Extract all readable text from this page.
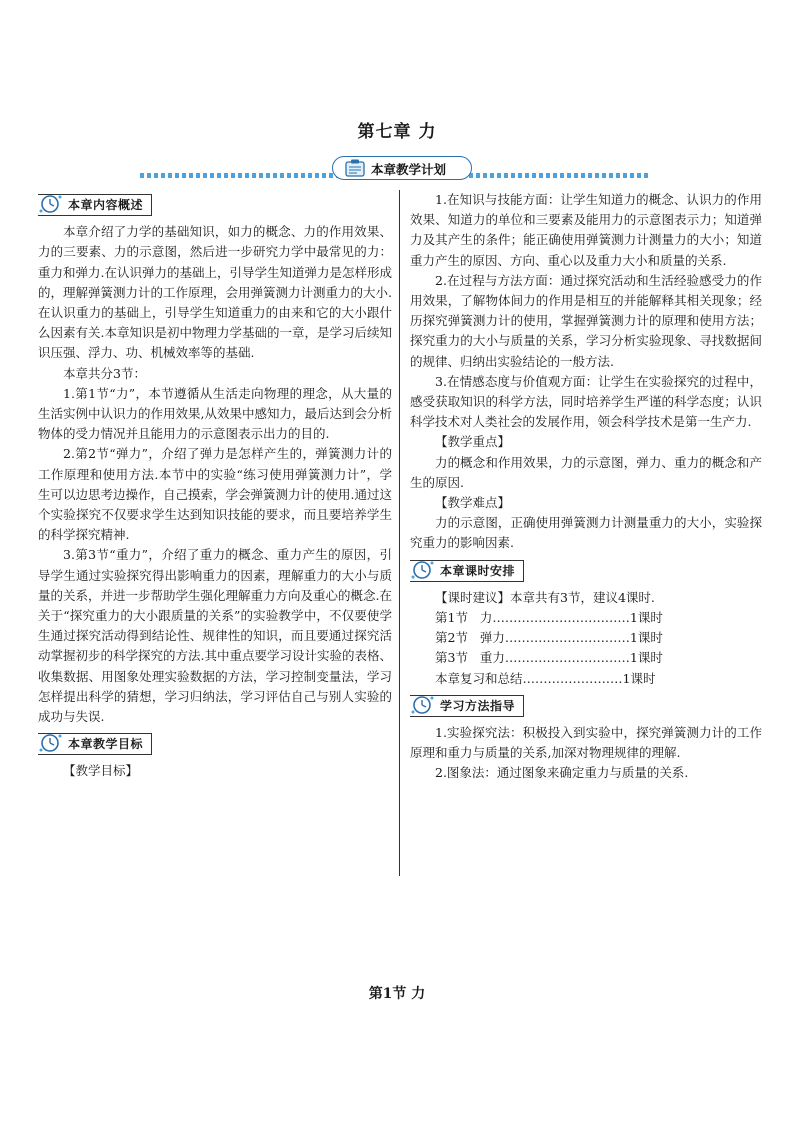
第七章 力
本章教学计划
本章内容概述

本章介绍了力学的基础知识，如力的概念、力的作用效果、力的三要素、力的示意图，然后进一步研究力学中最常见的力：重力和弹力.在认识弹力的基础上，引导学生知道弹力是怎样形成的，理解弹簧测力计的工作原理，会用弹簧测力计测重力的大小.在认识重力的基础上，引导学生知道重力的由来和它的大小跟什么因素有关.本章知识是初中物理力学基础的一章，是学习后续知识压强、浮力、功、机械效率等的基础.

本章共分3节：

1.第1节“力”，本节遵循从生活走向物理的理念，从大量的生活实例中认识力的作用效果,从效果中感知力，最后达到会分析物体的受力情况并且能用力的示意图表示出力的目的.

2.第2节“弹力”，介绍了弹力是怎样产生的，弹簧测力计的工作原理和使用方法.本节中的实验“练习使用弹簧测力计”，学生可以边思考边操作，自己摸索，学会弹簧测力计的使用.通过这个实验探究不仅要求学生达到知识技能的要求，而且要培养学生的科学探究精神.

3.第3节“重力”，介绍了重力的概念、重力产生的原因，引导学生通过实验探究得出影响重力的因素，理解重力的大小与质量的关系，并进一步帮助学生强化理解重力方向及重心的概念.在关于“探究重力的大小跟质量的关系”的实验教学中，不仅要使学生通过探究活动得到结论性、规律性的知识，而且要通过探究活动掌握初步的科学探究的方法.其中重点要学习设计实验的表格、收集数据、用图象处理实验数据的方法，学习控制变量法，学习怎样提出科学的猜想，学习归纳法，学习评估自己与别人实验的成功与失误.

本章教学目标

【教学目标】

1.在知识与技能方面：让学生知道力的概念、认识力的作用效果、知道力的单位和三要素及能用力的示意图表示力；知道弹力及其产生的条件；能正确使用弹簧测力计测量力的大小；知道重力产生的原因、方向、重心以及重力大小和质量的关系.

2.在过程与方法方面：通过探究活动和生活经验感受力的作用效果，了解物体间力的作用是相互的并能解释其相关现象；经历探究弹簧测力计的使用，掌握弹簧测力计的原理和使用方法；探究重力的大小与质量的关系，学习分析实验现象、寻找数据间的规律、归纳出实验结论的一般方法.

3.在情感态度与价值观方面：让学生在实验探究的过程中，感受获取知识的科学方法，同时培养学生严谨的科学态度；认识科学技术对人类社会的发展作用，领会科学技术是第一生产力.

【教学重点】

力的概念和作用效果，力的示意图，弹力、重力的概念和产生的原因.

【教学难点】

力的示意图，正确使用弹簧测力计测量重力的大小，实验探究重力的影响因素.

本章课时安排

【课时建议】本章共有3节，建议4课时.

第1节   力……………………………1课时

第2节   弹力…………………………1课时

第3节   重力…………………………1课时

本章复习和总结……………………1课时

学习方法指导

1.实验探究法：积极投入到实验中，探究弹簧测力计的工作原理和重力与质量的关系,加深对物理规律的理解.

2.图象法：通过图象来确定重力与质量的关系.

第1节 力
